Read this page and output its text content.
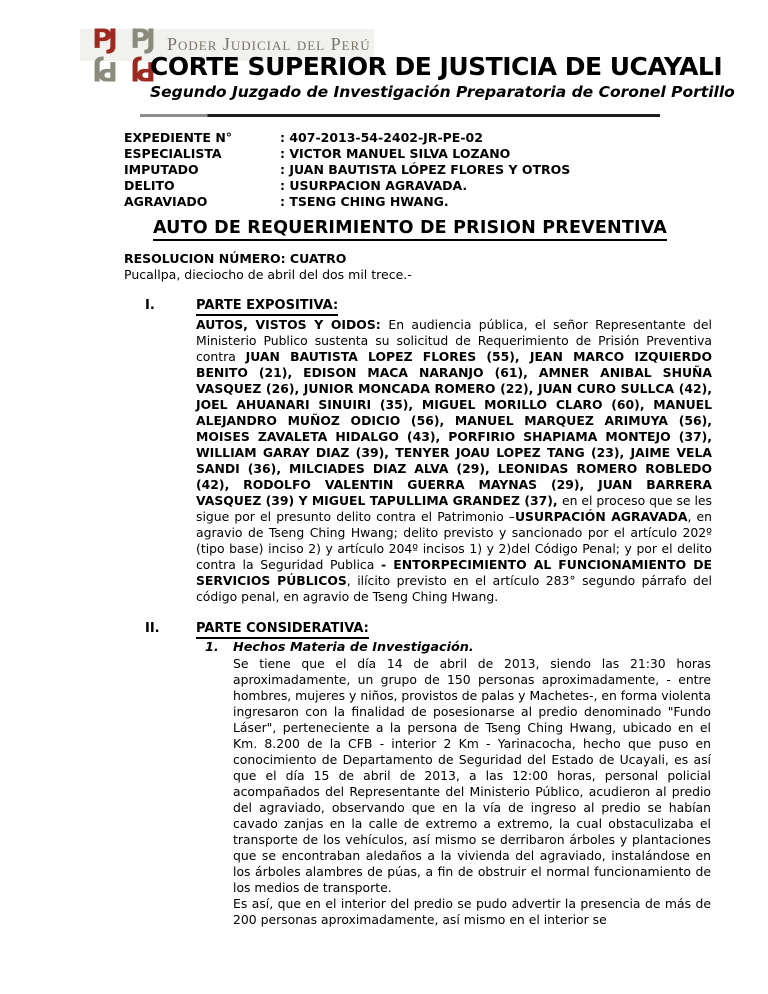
PJ PJ
PJ PJ
Poder Judicial del Perú
CORTE SUPERIOR DE JUSTICIA DE UCAYALI
Segundo Juzgado de Investigación Preparatoria de Coronel Portillo
EXPEDIENTE N°	: 407-2013-54-2402-JR-PE-02
ESPECIALISTA	: VICTOR MANUEL SILVA LOZANO
IMPUTADO	: JUAN BAUTISTA LÓPEZ FLORES Y OTROS
DELITO	: USURPACION AGRAVADA.
AGRAVIADO	: TSENG CHING HWANG.
AUTO DE REQUERIMIENTO DE PRISION PREVENTIVA
RESOLUCION NÚMERO: CUATRO
Pucallpa, dieciocho de abril del dos mil trece.-
I.	PARTE EXPOSITIVA:
AUTOS, VISTOS Y OIDOS: En audiencia pública, el señor Representante del Ministerio Publico sustenta su solicitud de Requerimiento de Prisión Preventiva contra JUAN BAUTISTA LOPEZ FLORES (55), JEAN MARCO IZQUIERDO BENITO (21), EDISON MACA NARANJO (61), AMNER ANIBAL SHUÑA VASQUEZ (26), JUNIOR MONCADA ROMERO (22), JUAN CURO SULLCA (42), JOEL AHUANARI SINUIRI (35), MIGUEL MORILLO CLARO (60), MANUEL ALEJANDRO MUÑOZ ODICIO (56), MANUEL MARQUEZ ARIMUYA (56), MOISES ZAVALETA HIDALGO (43), PORFIRIO SHAPIAMA MONTEJO (37), WILLIAM GARAY DIAZ (39), TENYER JOAU LOPEZ TANG (23), JAIME VELA SANDI (36), MILCIADES DIAZ ALVA (29), LEONIDAS ROMERO ROBLEDO (42), RODOLFO VALENTIN GUERRA MAYNAS (29), JUAN BARRERA VASQUEZ (39) Y MIGUEL TAPULLIMA GRANDEZ (37), en el proceso que se les sigue por el presunto delito contra el Patrimonio –USURPACIÓN AGRAVADA, en agravio de Tseng Ching Hwang; delito previsto y sancionado por el artículo 202º (tipo base) inciso 2) y artículo 204º incisos 1) y 2)del Código Penal; y por el delito contra la Seguridad Publica - ENTORPECIMIENTO AL FUNCIONAMIENTO DE SERVICIOS PÚBLICOS, ilícito previsto en el artículo 283° segundo párrafo del código penal, en agravio de Tseng Ching Hwang.
II.	PARTE CONSIDERATIVA:
1.	Hechos Materia de Investigación.
Se tiene que el día 14 de abril de 2013, siendo las 21:30 horas aproximadamente, un grupo de 150 personas aproximadamente, - entre hombres, mujeres y niños, provistos de palas y Machetes-, en forma violenta ingresaron con la finalidad de posesionarse al predio denominado "Fundo Láser", perteneciente a la persona de Tseng Ching Hwang, ubicado en el Km. 8.200 de la CFB - interior 2 Km - Yarinacocha, hecho que puso en conocimiento de Departamento de Seguridad del Estado de Ucayali, es así que el día 15 de abril de 2013, a las 12:00 horas, personal policial acompañados del Representante del Ministerio Público, acudieron al predio del agraviado, observando que en la vía de ingreso al predio se habían cavado zanjas en la calle de extremo a extremo, la cual obstaculizaba el transporte de los vehículos, así mismo se derribaron árboles y plantaciones que se encontraban aledaños a la vivienda del agraviado, instalándose en los árboles alambres de púas, a fin de obstruir el normal funcionamiento de los medios de transporte.
Es así, que en el interior del predio se pudo advertir la presencia de más de 200 personas aproximadamente, así mismo en el interior se
